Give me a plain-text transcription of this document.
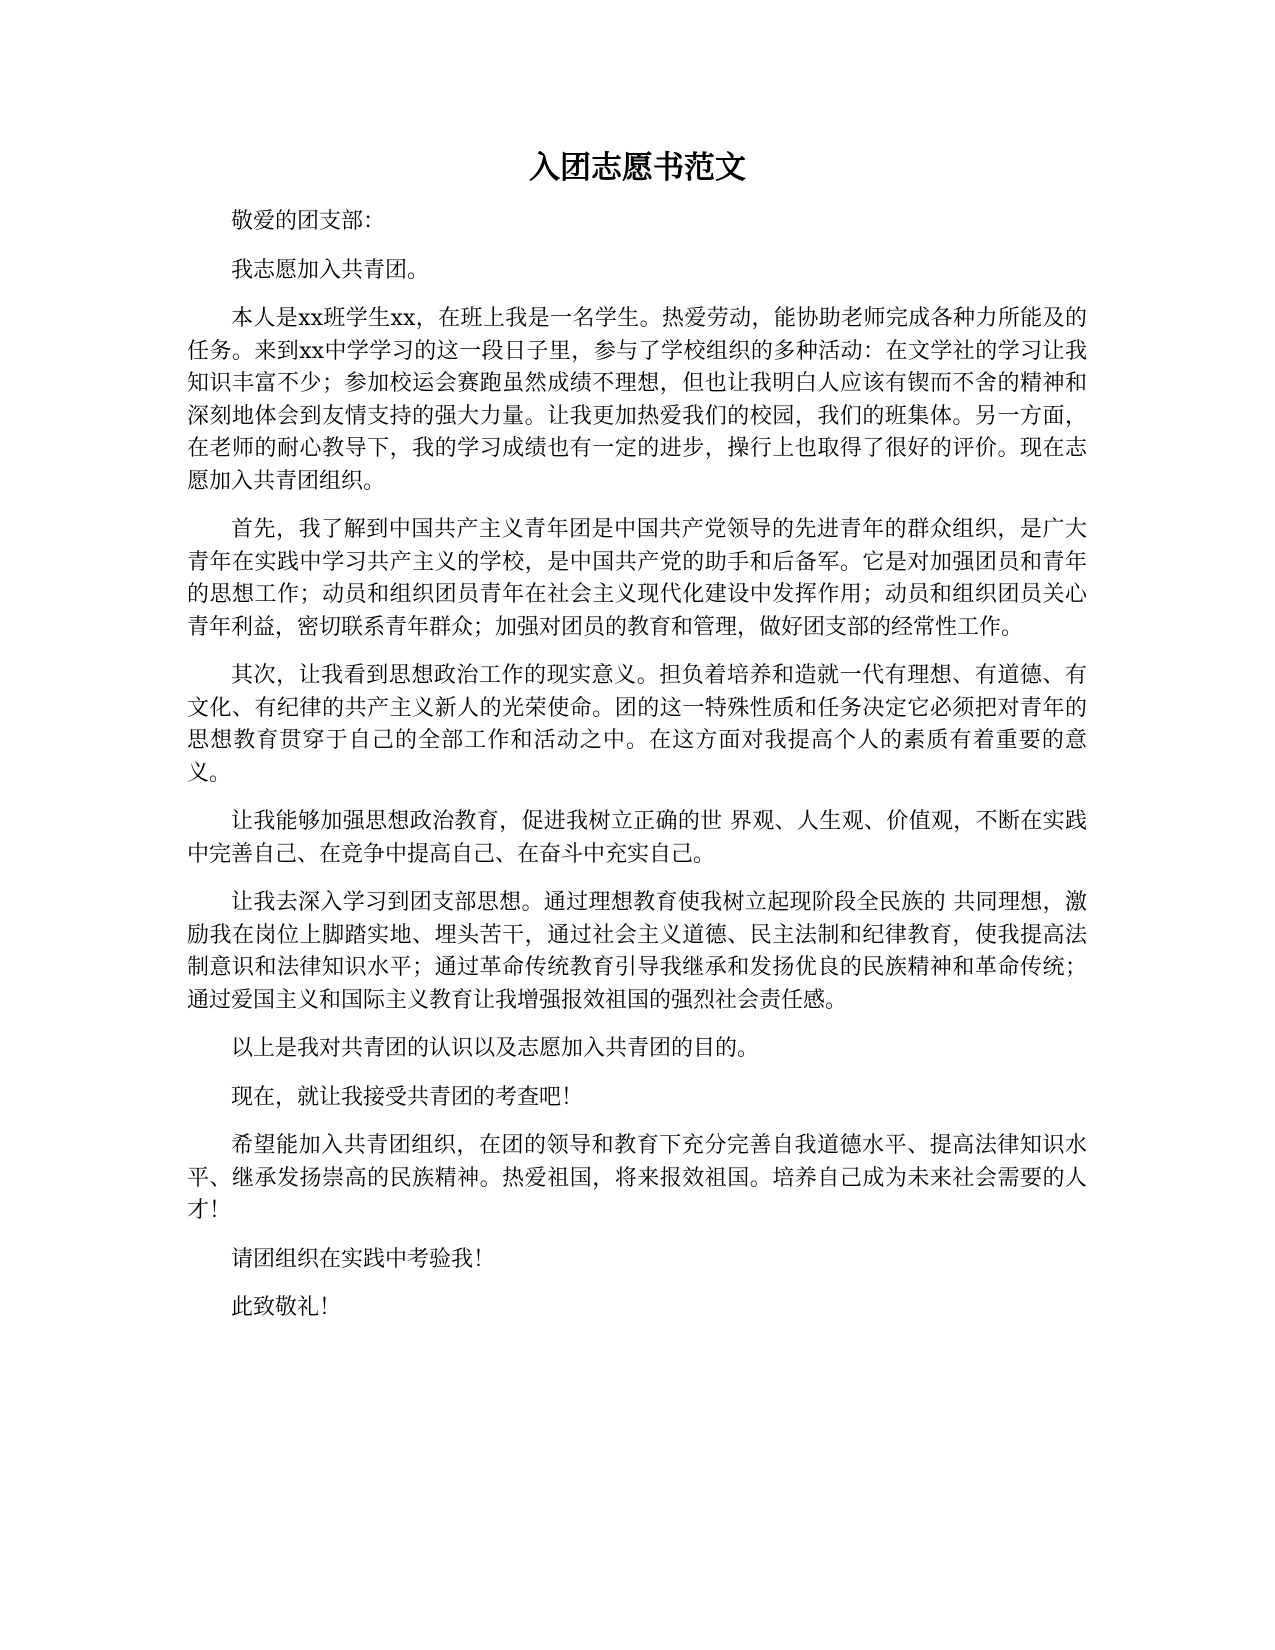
入团志愿书范文

敬爱的团支部：

我志愿加入共青团。

本人是xx班学生xx，在班上我是一名学生。热爱劳动，能协助老师完成各种力所能及的任务。来到xx中学学习的这一段日子里，参与了学校组织的多种活动：在文学社的学习让我知识丰富不少；参加校运会赛跑虽然成绩不理想，但也让我明白人应该有锲而不舍的精神和深刻地体会到友情支持的强大力量。让我更加热爱我们的校园，我们的班集体。另一方面，在老师的耐心教导下，我的学习成绩也有一定的进步，操行上也取得了很好的评价。现在志愿加入共青团组织。

首先，我了解到中国共产主义青年团是中国共产党领导的先进青年的群众组织，是广大青年在实践中学习共产主义的学校，是中国共产党的助手和后备军。它是对加强团员和青年的思想工作；动员和组织团员青年在社会主义现代化建设中发挥作用；动员和组织团员关心青年利益，密切联系青年群众；加强对团员的教育和管理，做好团支部的经常性工作。

其次，让我看到思想政治工作的现实意义。担负着培养和造就一代有理想、有道德、有文化、有纪律的共产主义新人的光荣使命。团的这一特殊性质和任务决定它必须把对青年的思想教育贯穿于自己的全部工作和活动之中。在这方面对我提高个人的素质有着重要的意义。

让我能够加强思想政治教育，促进我树立正确的世 界观、人生观、价值观，不断在实践中完善自己、在竞争中提高自己、在奋斗中充实自己。

让我去深入学习到团支部思想。通过理想教育使我树立起现阶段全民族的 共同理想，激励我在岗位上脚踏实地、埋头苦干，通过社会主义道德、民主法制和纪律教育，使我提高法制意识和法律知识水平；通过革命传统教育引导我继承和发扬优良的民族精神和革命传统；通过爱国主义和国际主义教育让我增强报效祖国的强烈社会责任感。

以上是我对共青团的认识以及志愿加入共青团的目的。

现在，就让我接受共青团的考查吧！

希望能加入共青团组织，在团的领导和教育下充分完善自我道德水平、提高法律知识水平、继承发扬崇高的民族精神。热爱祖国，将来报效祖国。培养自己成为未来社会需要的人才！

请团组织在实践中考验我！

此致敬礼！
